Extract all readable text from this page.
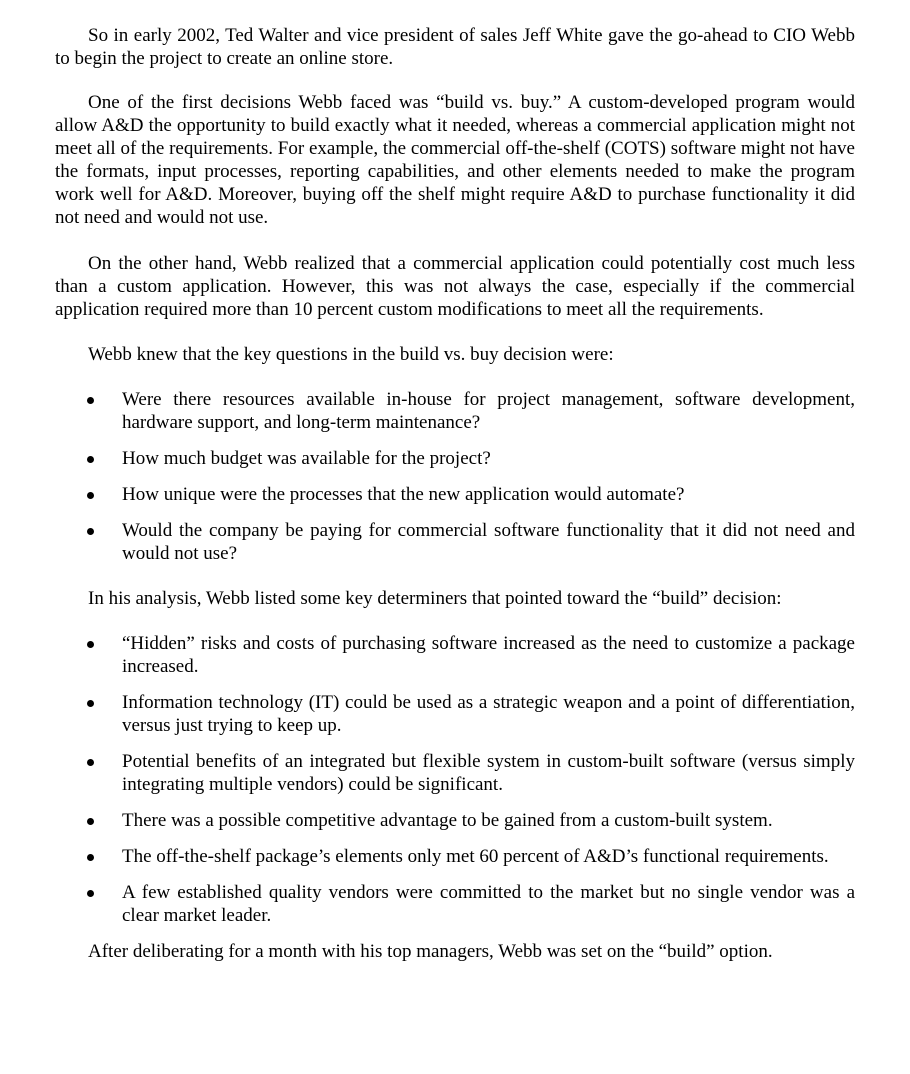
So in early 2002, Ted Walter and vice president of sales Jeff White gave the go-ahead to CIO Webb to begin the project to create an online store.

One of the first decisions Webb faced was “build vs. buy.” A custom-developed program would allow A&D the opportunity to build exactly what it needed, whereas a commercial application might not meet all of the requirements. For example, the commercial off-the-shelf (COTS) software might not have the formats, input processes, reporting capabilities, and other elements needed to make the program work well for A&D. Moreover, buying off the shelf might require A&D to purchase functionality it did not need and would not use.

On the other hand, Webb realized that a commercial application could potentially cost much less than a custom application. However, this was not always the case, especially if the commercial application required more than 10 percent custom modifications to meet all the requirements.

Webb knew that the key questions in the build vs. buy decision were:

Were there resources available in-house for project management, software development, hardware support, and long-term maintenance?
How much budget was available for the project?
How unique were the processes that the new application would automate?
Would the company be paying for commercial software functionality that it did not need and would not use?

In his analysis, Webb listed some key determiners that pointed toward the “build” decision:

“Hidden” risks and costs of purchasing software increased as the need to customize a package increased.
Information technology (IT) could be used as a strategic weapon and a point of differentiation, versus just trying to keep up.
Potential benefits of an integrated but flexible system in custom-built software (versus simply integrating multiple vendors) could be significant.
There was a possible competitive advantage to be gained from a custom-built system.
The off-the-shelf package’s elements only met 60 percent of A&D’s functional requirements.
A few established quality vendors were committed to the market but no single vendor was a clear market leader.

After deliberating for a month with his top managers, Webb was set on the “build” option.
